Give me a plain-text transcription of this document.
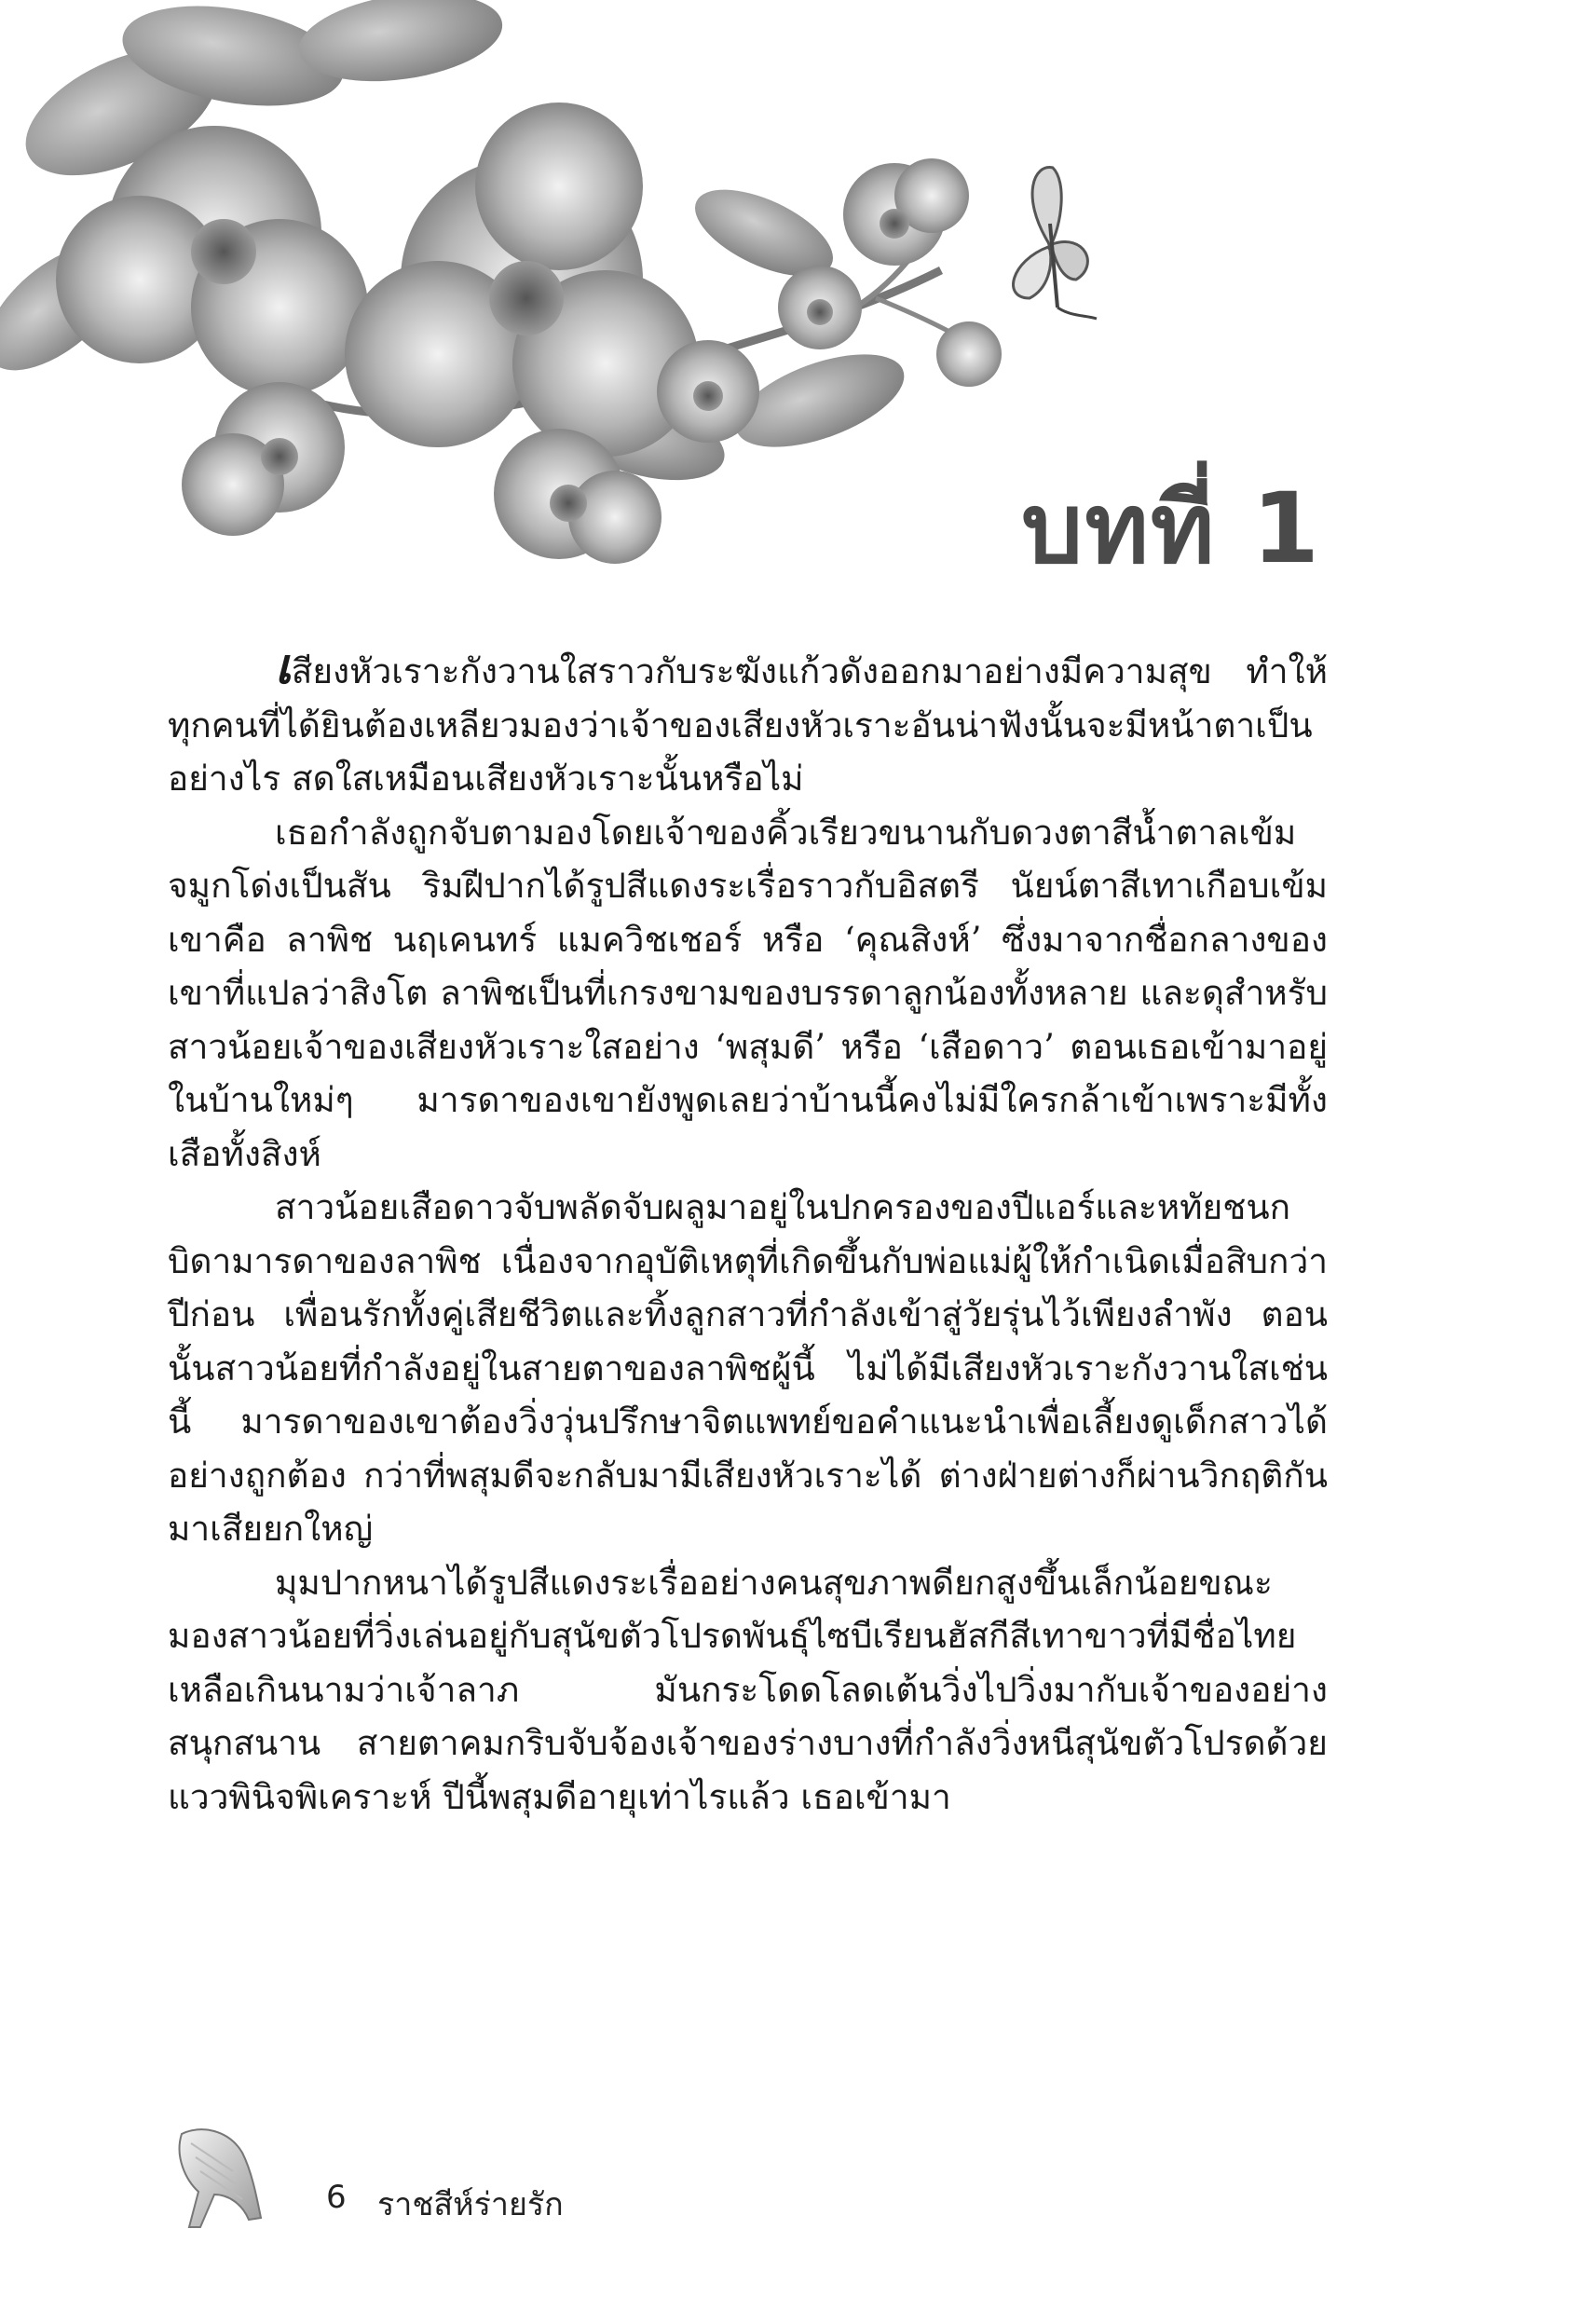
บทที่ 1

เสียงหัวเราะกังวานใสราวกับระฆังแก้วดังออกมาอย่างมีความสุข ทำให้ทุกคนที่ได้ยินต้องเหลียวมองว่าเจ้าของเสียงหัวเราะอันน่าฟังนั้นจะมีหน้าตาเป็นอย่างไร สดใสเหมือนเสียงหัวเราะนั้นหรือไม่

เธอกำลังถูกจับตามองโดยเจ้าของคิ้วเรียวขนานกับดวงตาสีน้ำตาลเข้ม จมูกโด่งเป็นสัน ริมฝีปากได้รูปสีแดงระเรื่อราวกับอิสตรี นัยน์ตาสีเทาเกือบเข้ม เขาคือ ลาพิช นฤเคนทร์ แมควิชเชอร์ หรือ ‘คุณสิงห์’ ซึ่งมาจากชื่อกลางของเขาที่แปลว่าสิงโต ลาพิชเป็นที่เกรงขามของบรรดาลูกน้องทั้งหลาย และดุสำหรับสาวน้อยเจ้าของเสียงหัวเราะใสอย่าง ‘พสุมดี’ หรือ ‘เสือดาว’ ตอนเธอเข้ามาอยู่ในบ้านใหม่ๆ มารดาของเขายังพูดเลยว่าบ้านนี้คงไม่มีใครกล้าเข้าเพราะมีทั้งเสือทั้งสิงห์

สาวน้อยเสือดาวจับพลัดจับผลูมาอยู่ในปกครองของปีแอร์และหทัยชนก บิดามารดาของลาพิช เนื่องจากอุบัติเหตุที่เกิดขึ้นกับพ่อแม่ผู้ให้กำเนิดเมื่อสิบกว่าปีก่อน เพื่อนรักทั้งคู่เสียชีวิตและทิ้งลูกสาวที่กำลังเข้าสู่วัยรุ่นไว้เพียงลำพัง ตอนนั้นสาวน้อยที่กำลังอยู่ในสายตาของลาพิชผู้นี้ ไม่ได้มีเสียงหัวเราะกังวานใสเช่นนี้ มารดาของเขาต้องวิ่งวุ่นปรึกษาจิตแพทย์ขอคำแนะนำเพื่อเลี้ยงดูเด็กสาวได้อย่างถูกต้อง กว่าที่พสุมดีจะกลับมามีเสียงหัวเราะได้ ต่างฝ่ายต่างก็ผ่านวิกฤติกันมาเสียยกใหญ่

มุมปากหนาได้รูปสีแดงระเรื่ออย่างคนสุขภาพดียกสูงขึ้นเล็กน้อยขณะมองสาวน้อยที่วิ่งเล่นอยู่กับสุนัขตัวโปรดพันธุ์ไซบีเรียนฮัสกีสีเทาขาวที่มีชื่อไทยเหลือเกินนามว่าเจ้าลาภ มันกระโดดโลดเต้นวิ่งไปวิ่งมากับเจ้าของอย่างสนุกสนาน สายตาคมกริบจับจ้องเจ้าของร่างบางที่กำลังวิ่งหนีสุนัขตัวโปรดด้วยแววพินิจพิเคราะห์ ปีนี้พสุมดีอายุเท่าไรแล้ว เธอเข้ามา

6 ราชสีห์ร่ายรัก
